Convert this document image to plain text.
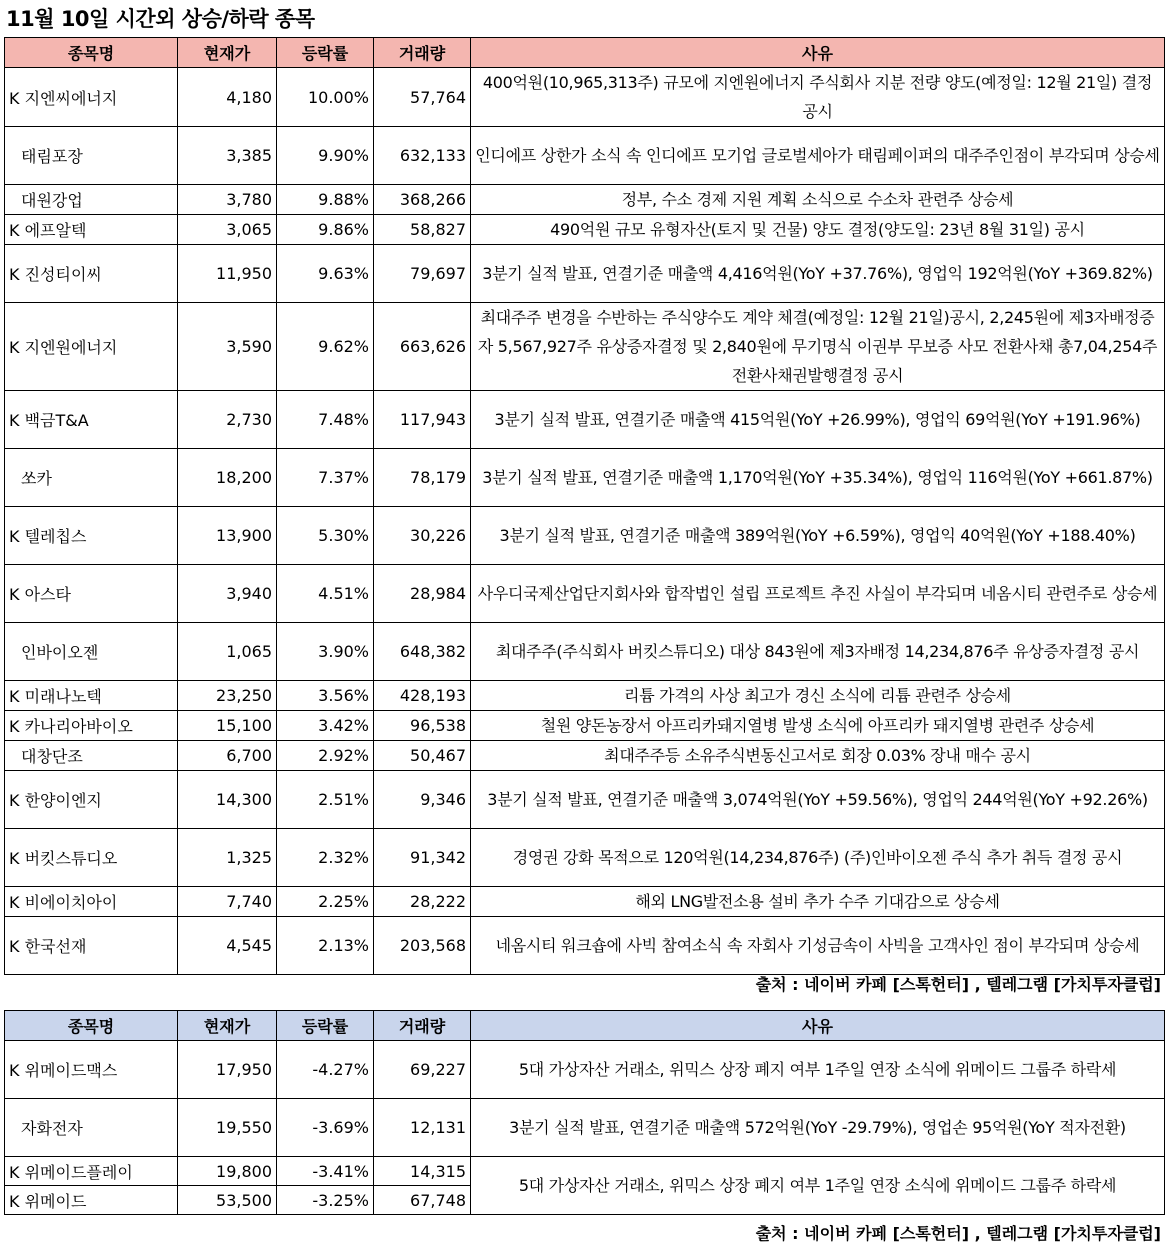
11월 10일 시간외 상승/하락 종목
종목명	현재가	등락률	거래량	사유
K 지엔씨에너지	4,180	10.00%	57,764	400억원(10,965,313주) 규모에 지엔원에너지 주식회사 지분 전량 양도(예정일: 12월 21일) 결정 공시
태림포장	3,385	9.90%	632,133	인디에프 상한가 소식 속 인디에프 모기업 글로벌세아가 태림페이퍼의 대주주인점이 부각되며 상승세
대원강업	3,780	9.88%	368,266	정부, 수소 경제 지원 계획 소식으로 수소차 관련주 상승세
K 에프알텍	3,065	9.86%	58,827	490억원 규모 유형자산(토지 및 건물) 양도 결정(양도일: 23년 8월 31일) 공시
K 진성티이씨	11,950	9.63%	79,697	3분기 실적 발표, 연결기준 매출액 4,416억원(YoY +37.76%), 영업익 192억원(YoY +369.82%)
K 지엔원에너지	3,590	9.62%	663,626	최대주주 변경을 수반하는 주식양수도 계약 체결(예정일: 12월 21일)공시, 2,245원에 제3자배정증자 5,567,927주 유상증자결정 및 2,840원에 무기명식 이권부 무보증 사모 전환사채 총7,04,254주 전환사채권발행결정 공시
K 백금T&A	2,730	7.48%	117,943	3분기 실적 발표, 연결기준 매출액 415억원(YoY +26.99%), 영업익 69억원(YoY +191.96%)
쏘카	18,200	7.37%	78,179	3분기 실적 발표, 연결기준 매출액 1,170억원(YoY +35.34%), 영업익 116억원(YoY +661.87%)
K 텔레칩스	13,900	5.30%	30,226	3분기 실적 발표, 연결기준 매출액 389억원(YoY +6.59%), 영업익 40억원(YoY +188.40%)
K 아스타	3,940	4.51%	28,984	사우디국제산업단지회사와 합작법인 설립 프로젝트 추진 사실이 부각되며 네옴시티 관련주로 상승세
인바이오젠	1,065	3.90%	648,382	최대주주(주식회사 버킷스튜디오) 대상 843원에 제3자배정 14,234,876주 유상증자결정 공시
K 미래나노텍	23,250	3.56%	428,193	리튬 가격의 사상 최고가 경신 소식에 리튬 관련주 상승세
K 카나리아바이오	15,100	3.42%	96,538	철원 양돈농장서 아프리카돼지열병 발생 소식에 아프리카 돼지열병 관련주 상승세
대창단조	6,700	2.92%	50,467	최대주주등 소유주식변동신고서로 회장 0.03% 장내 매수 공시
K 한양이엔지	14,300	2.51%	9,346	3분기 실적 발표, 연결기준 매출액 3,074억원(YoY +59.56%), 영업익 244억원(YoY +92.26%)
K 버킷스튜디오	1,325	2.32%	91,342	경영권 강화 목적으로 120억원(14,234,876주) (주)인바이오젠 주식 추가 취득 결정 공시
K 비에이치아이	7,740	2.25%	28,222	해외 LNG발전소용 설비 추가 수주 기대감으로 상승세
K 한국선재	4,545	2.13%	203,568	네옴시티 워크숍에 사빅 참여소식 속 자회사 기성금속이 사빅을 고객사인 점이 부각되며 상승세
출처 : 네이버 카페 [스톡헌터] , 텔레그램 [가치투자클럽]
종목명	현재가	등락률	거래량	사유
K 위메이드맥스	17,950	-4.27%	69,227	5대 가상자산 거래소, 위믹스 상장 폐지 여부 1주일 연장 소식에 위메이드 그룹주 하락세
자화전자	19,550	-3.69%	12,131	3분기 실적 발표, 연결기준 매출액 572억원(YoY -29.79%), 영업손 95억원(YoY 적자전환)
K 위메이드플레이	19,800	-3.41%	14,315	5대 가상자산 거래소, 위믹스 상장 폐지 여부 1주일 연장 소식에 위메이드 그룹주 하락세
K 위메이드	53,500	-3.25%	67,748	
출처 : 네이버 카페 [스톡헌터] , 텔레그램 [가치투자클럽]
